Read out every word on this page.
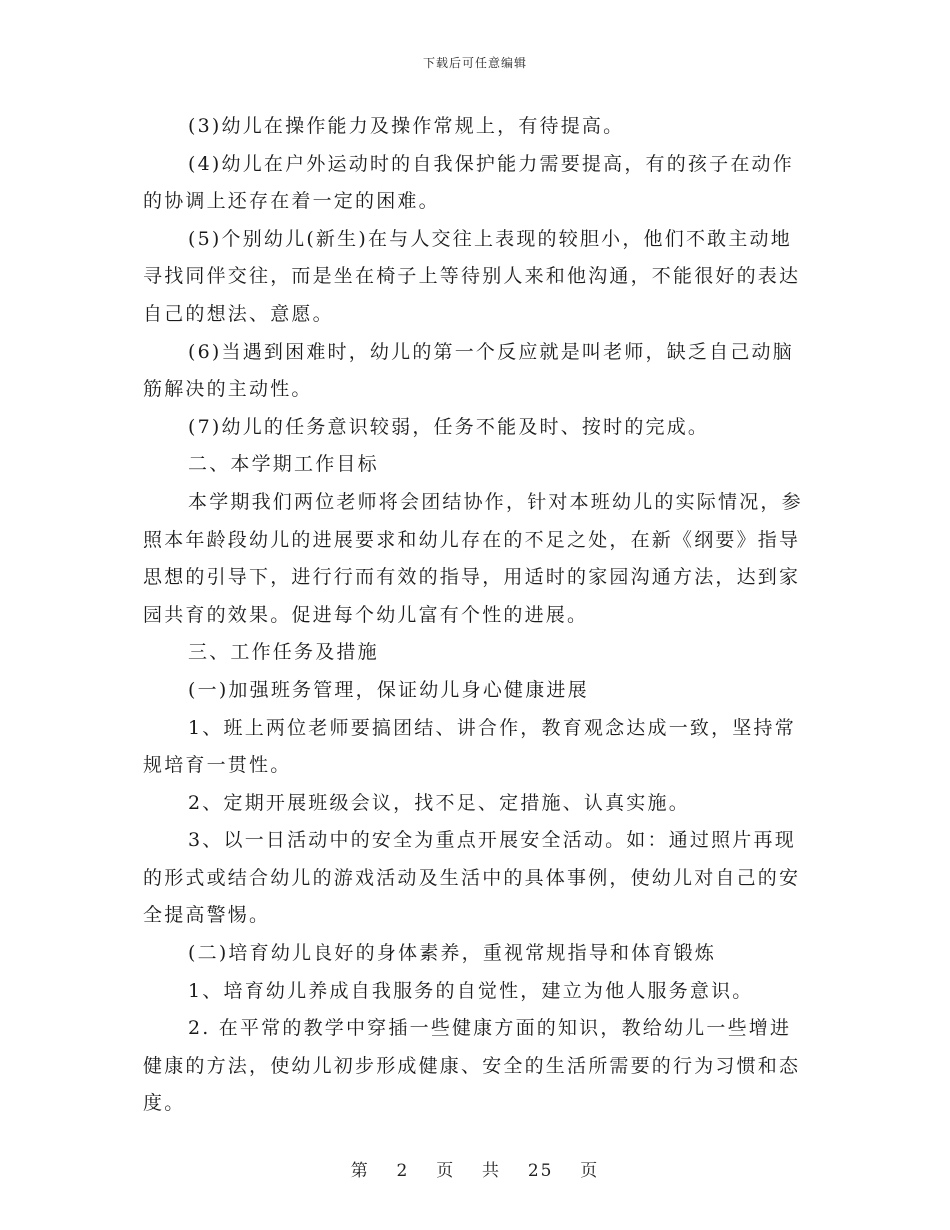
下载后可任意编辑

(3)幼儿在操作能力及操作常规上，有待提高。

(4)幼儿在户外运动时的自我保护能力需要提高，有的孩子在动作的协调上还存在着一定的困难。

(5)个别幼儿(新生)在与人交往上表现的较胆小，他们不敢主动地寻找同伴交往，而是坐在椅子上等待别人来和他沟通，不能很好的表达自己的想法、意愿。

(6)当遇到困难时，幼儿的第一个反应就是叫老师，缺乏自己动脑筋解决的主动性。

(7)幼儿的任务意识较弱，任务不能及时、按时的完成。

二、本学期工作目标

本学期我们两位老师将会团结协作，针对本班幼儿的实际情况，参照本年龄段幼儿的进展要求和幼儿存在的不足之处，在新《纲要》指导思想的引导下，进行行而有效的指导，用适时的家园沟通方法，达到家园共育的效果。促进每个幼儿富有个性的进展。

三、工作任务及措施

(一)加强班务管理，保证幼儿身心健康进展

1、班上两位老师要搞团结、讲合作，教育观念达成一致，坚持常规培育一贯性。

2、定期开展班级会议，找不足、定措施、认真实施。

3、以一日活动中的安全为重点开展安全活动。如：通过照片再现的形式或结合幼儿的游戏活动及生活中的具体事例，使幼儿对自己的安全提高警惕。

(二)培育幼儿良好的身体素养，重视常规指导和体育锻炼

1、培育幼儿养成自我服务的自觉性，建立为他人服务意识。

2. 在平常的教学中穿插一些健康方面的知识，教给幼儿一些增进健康的方法，使幼儿初步形成健康、安全的生活所需要的行为习惯和态度。

第 2 页 共 25 页
